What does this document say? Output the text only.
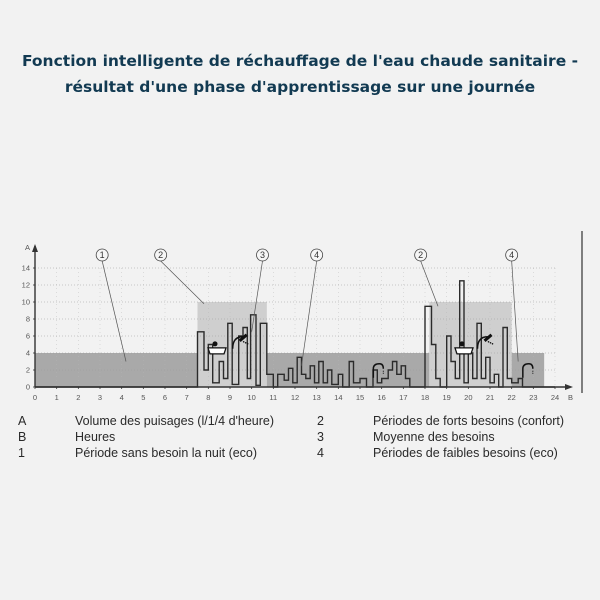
Fonction intelligente de réchauffage de l'eau chaude sanitaire -
résultat d'une phase d'apprentissage sur une journée
A
B
0
2
4
6
8
10
12
14
0 1 2 3 4 5 6 7 8 9 10 11 12 13 14 15 16 17 18 19 20 21 22 23 24
1	2	3	4	2	4
A	Volume des puisages (l/1/4 d'heure)
B	Heures
1	Période sans besoin la nuit (eco)
2	Périodes de forts besoins (confort)
3	Moyenne des besoins
4	Périodes de faibles besoins (eco)
